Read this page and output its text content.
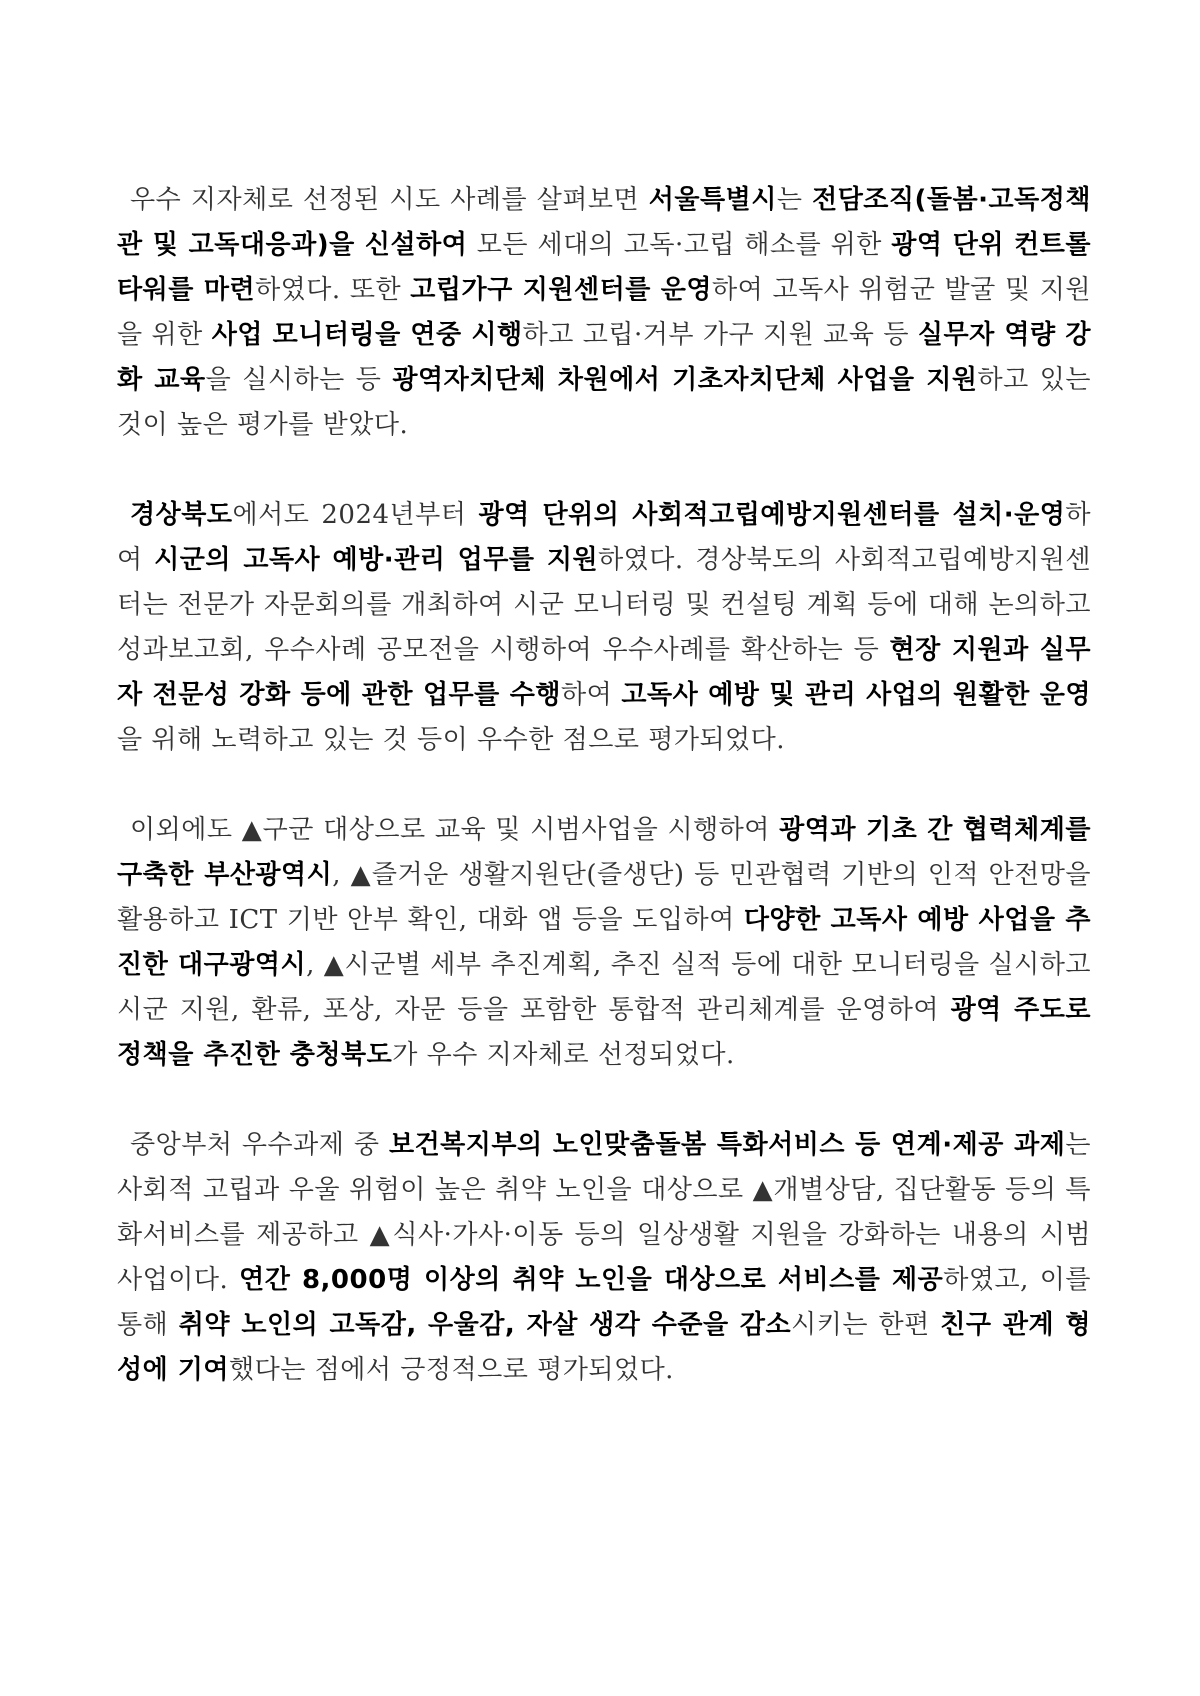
우수 지자체로 선정된 시도 사례를 살펴보면 서울특별시는 전담조직(돌봄·고독정책관 및 고독대응과)을 신설하여 모든 세대의 고독·고립 해소를 위한 광역 단위 컨트롤 타워를 마련하였다. 또한 고립가구 지원센터를 운영하여 고독사 위험군 발굴 및 지원을 위한 사업 모니터링을 연중 시행하고 고립·거부 가구 지원 교육 등 실무자 역량 강화 교육을 실시하는 등 광역자치단체 차원에서 기초자치단체 사업을 지원하고 있는 것이 높은 평가를 받았다.

경상북도에서도 2024년부터 광역 단위의 사회적고립예방지원센터를 설치·운영하여 시군의 고독사 예방·관리 업무를 지원하였다. 경상북도의 사회적고립예방지원센터는 전문가 자문회의를 개최하여 시군 모니터링 및 컨설팅 계획 등에 대해 논의하고 성과보고회, 우수사례 공모전을 시행하여 우수사례를 확산하는 등 현장 지원과 실무자 전문성 강화 등에 관한 업무를 수행하여 고독사 예방 및 관리 사업의 원활한 운영을 위해 노력하고 있는 것 등이 우수한 점으로 평가되었다.

이외에도 ▲구군 대상으로 교육 및 시범사업을 시행하여 광역과 기초 간 협력체계를 구축한 부산광역시, ▲즐거운 생활지원단(즐생단) 등 민관협력 기반의 인적 안전망을 활용하고 ICT 기반 안부 확인, 대화 앱 등을 도입하여 다양한 고독사 예방 사업을 추진한 대구광역시, ▲시군별 세부 추진계획, 추진 실적 등에 대한 모니터링을 실시하고 시군 지원, 환류, 포상, 자문 등을 포함한 통합적 관리체계를 운영하여 광역 주도로 정책을 추진한 충청북도가 우수 지자체로 선정되었다.

중앙부처 우수과제 중 보건복지부의 노인맞춤돌봄 특화서비스 등 연계·제공 과제는 사회적 고립과 우울 위험이 높은 취약 노인을 대상으로 ▲개별상담, 집단활동 등의 특화서비스를 제공하고 ▲식사·가사·이동 등의 일상생활 지원을 강화하는 내용의 시범사업이다. 연간 8,000명 이상의 취약 노인을 대상으로 서비스를 제공하였고, 이를 통해 취약 노인의 고독감, 우울감, 자살 생각 수준을 감소시키는 한편 친구 관계 형성에 기여했다는 점에서 긍정적으로 평가되었다.
